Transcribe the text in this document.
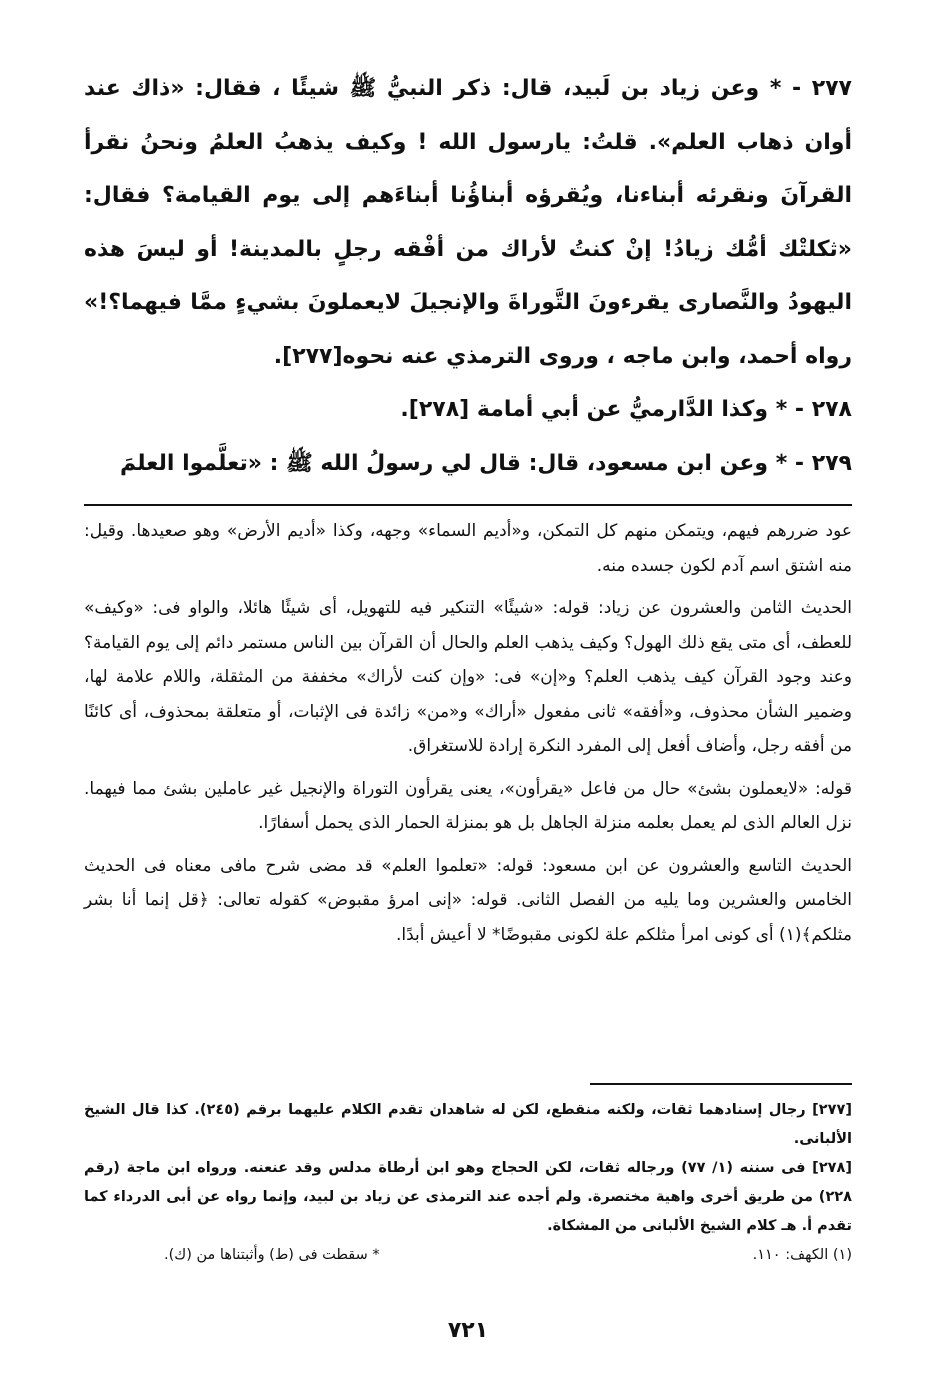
٢٧٧ - * وعن زياد بن لَبيد، قال: ذكر النبيُّ ﷺ شيئًا ، فقال: «ذاك عند أوان ذهاب العلم». قلتُ: يارسول الله ! وكيف يذهبُ العلمُ ونحنُ نقرأ القرآنَ ونقرئه أبناءنا، ويُقرؤه أبناؤُنا أبناءَهم إلى يوم القيامة؟ فقال: «ثكلتْك أمُّك زيادُ! إنْ كنتُ لأراك من أفْقه رجلٍ بالمدينة! أو ليسَ هذه اليهودُ والنَّصارى يقرءونَ التَّوراةَ والإنجيلَ لايعملونَ بشيءٍ ممَّا فيهما؟!» رواه أحمد، وابن ماجه ، وروى الترمذي عنه نحوه[٢٧٧].

٢٧٨ - * وكذا الدَّارميُّ عن أبي أمامة [٢٧٨].

٢٧٩ - * وعن ابن مسعود، قال: قال لي رسولُ الله ﷺ : «تعلَّموا العلمَ

عود ضررهم فيهم، ويتمكن منهم كل التمكن، و«أديم السماء» وجهه، وكذا «أديم الأرض» وهو صعيدها. وقيل: منه اشتق اسم آدم لكون جسده منه.

الحديث الثامن والعشرون عن زياد: قوله: «شيئًا» التنكير فيه للتهويل، أى شيئًا هائلا، والواو فى: «وكيف» للعطف، أى متى يقع ذلك الهول؟ وكيف يذهب العلم والحال أن القرآن بين الناس مستمر دائم إلى يوم القيامة؟ وعند وجود القرآن كيف يذهب العلم؟ و«إن» فى: «وإن كنت لأراك» مخففة من المثقلة، واللام علامة لها، وضمير الشأن محذوف، و«أفقه» ثانى مفعول «أراك» و«من» زائدة فى الإثبات، أو متعلقة بمحذوف، أى كائنًا من أفقه رجل، وأضاف أفعل إلى المفرد النكرة إرادة للاستغراق.

قوله: «لايعملون بشئ» حال من فاعل «يقرأون»، يعنى يقرأون التوراة والإنجيل غير عاملين بشئ مما فيهما. نزل العالم الذى لم يعمل بعلمه منزلة الجاهل بل هو بمنزلة الحمار الذى يحمل أسفارًا.

الحديث التاسع والعشرون عن ابن مسعود: قوله: «تعلموا العلم» قد مضى شرح مافى معناه فى الحديث الخامس والعشرين وما يليه من الفصل الثانى. قوله: «إنى امرؤ مقبوض» كقوله تعالى: ﴿قل إنما أنا بشر مثلكم﴾(١) أى كونى امرأ مثلكم علة لكونى مقبوضًا* لا أعيش أبدًا.

[٢٧٧] رجال إسنادهما ثقات، ولكنه منقطع، لكن له شاهدان تقدم الكلام عليهما برقم (٢٤٥). كذا قال الشيخ الألبانى.

[٢٧٨] فى سننه (١/ ٧٧) ورجاله ثقات، لكن الحجاج وهو ابن أرطاة مدلس وقد عنعنه. ورواه ابن ماجة (رقم ٢٢٨) من طريق أخرى واهية مختصرة. ولم أجده عند الترمذى عن زياد بن لبيد، وإنما رواه عن أبى الدرداء كما تقدم أ. هـ كلام الشيخ الألبانى من المشكاة.

(١) الكهف: ١١٠.
* سقطت فى (ط) وأثبتناها من (ك).
٧٢١
